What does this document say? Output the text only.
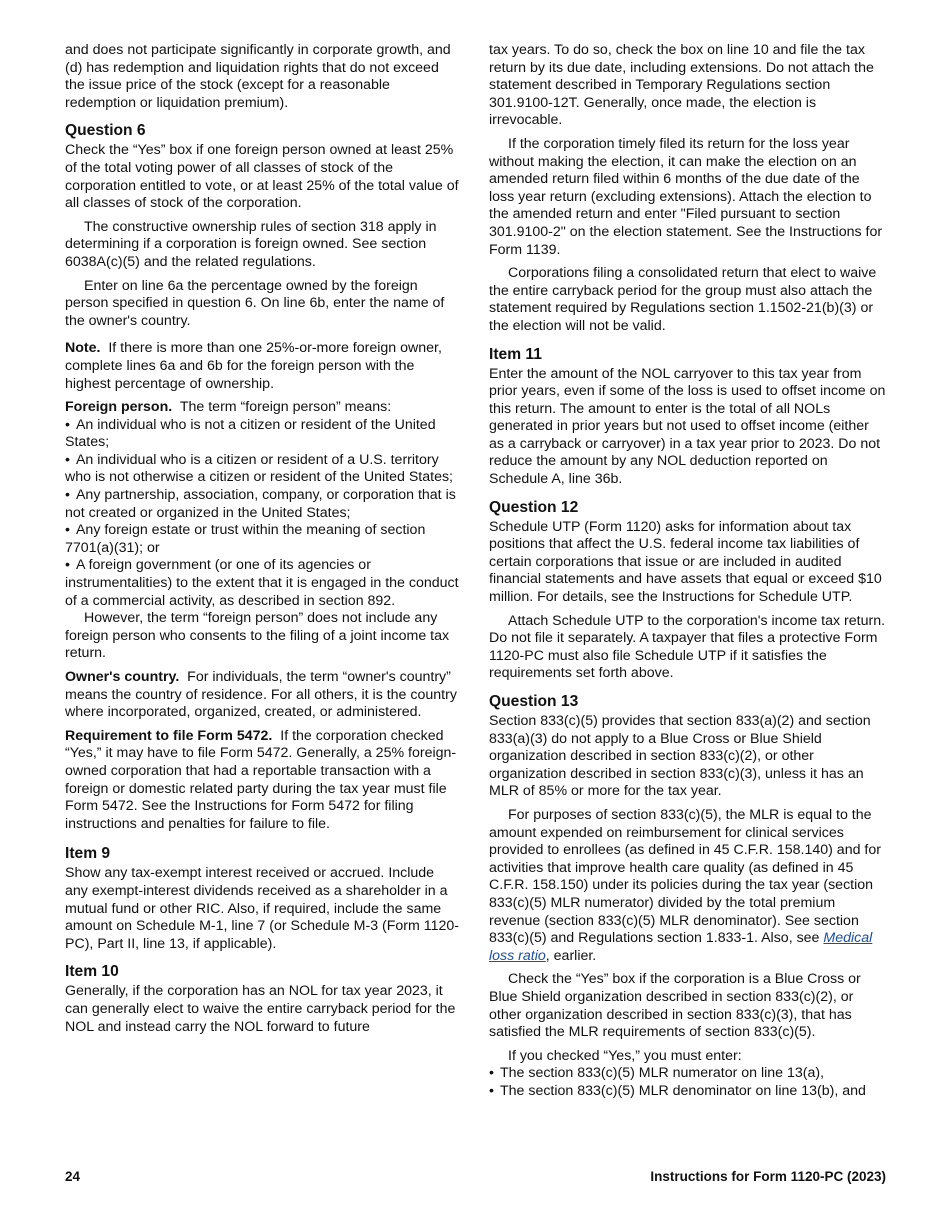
and does not participate significantly in corporate growth, and (d) has redemption and liquidation rights that do not exceed the issue price of the stock (except for a reasonable redemption or liquidation premium).

Question 6

Check the “Yes” box if one foreign person owned at least 25% of the total voting power of all classes of stock of the corporation entitled to vote, or at least 25% of the total value of all classes of stock of the corporation.

The constructive ownership rules of section 318 apply in determining if a corporation is foreign owned. See section 6038A(c)(5) and the related regulations.

Enter on line 6a the percentage owned by the foreign person specified in question 6. On line 6b, enter the name of the owner's country.

Note. If there is more than one 25%-or-more foreign owner, complete lines 6a and 6b for the foreign person with the highest percentage of ownership.

Foreign person. The term “foreign person” means:

• An individual who is not a citizen or resident of the United States;
• An individual who is a citizen or resident of a U.S. territory who is not otherwise a citizen or resident of the United States;
• Any partnership, association, company, or corporation that is not created or organized in the United States;
• Any foreign estate or trust within the meaning of section 7701(a)(31); or
• A foreign government (or one of its agencies or instrumentalities) to the extent that it is engaged in the conduct of a commercial activity, as described in section 892.

However, the term “foreign person” does not include any foreign person who consents to the filing of a joint income tax return.

Owner's country. For individuals, the term “owner's country” means the country of residence. For all others, it is the country where incorporated, organized, created, or administered.

Requirement to file Form 5472. If the corporation checked “Yes,” it may have to file Form 5472. Generally, a 25% foreign-owned corporation that had a reportable transaction with a foreign or domestic related party during the tax year must file Form 5472. See the Instructions for Form 5472 for filing instructions and penalties for failure to file.

Item 9

Show any tax-exempt interest received or accrued. Include any exempt-interest dividends received as a shareholder in a mutual fund or other RIC. Also, if required, include the same amount on Schedule M-1, line 7 (or Schedule M-3 (Form 1120-PC), Part II, line 13, if applicable).

Item 10

Generally, if the corporation has an NOL for tax year 2023, it can generally elect to waive the entire carryback period for the NOL and instead carry the NOL forward to future

tax years. To do so, check the box on line 10 and file the tax return by its due date, including extensions. Do not attach the statement described in Temporary Regulations section 301.9100-12T. Generally, once made, the election is irrevocable.

If the corporation timely filed its return for the loss year without making the election, it can make the election on an amended return filed within 6 months of the due date of the loss year return (excluding extensions). Attach the election to the amended return and enter "Filed pursuant to section 301.9100-2" on the election statement. See the Instructions for Form 1139.

Corporations filing a consolidated return that elect to waive the entire carryback period for the group must also attach the statement required by Regulations section 1.1502-21(b)(3) or the election will not be valid.

Item 11

Enter the amount of the NOL carryover to this tax year from prior years, even if some of the loss is used to offset income on this return. The amount to enter is the total of all NOLs generated in prior years but not used to offset income (either as a carryback or carryover) in a tax year prior to 2023. Do not reduce the amount by any NOL deduction reported on Schedule A, line 36b.

Question 12

Schedule UTP (Form 1120) asks for information about tax positions that affect the U.S. federal income tax liabilities of certain corporations that issue or are included in audited financial statements and have assets that equal or exceed $10 million. For details, see the Instructions for Schedule UTP.

Attach Schedule UTP to the corporation's income tax return. Do not file it separately. A taxpayer that files a protective Form 1120-PC must also file Schedule UTP if it satisfies the requirements set forth above.

Question 13

Section 833(c)(5) provides that section 833(a)(2) and section 833(a)(3) do not apply to a Blue Cross or Blue Shield organization described in section 833(c)(2), or other organization described in section 833(c)(3), unless it has an MLR of 85% or more for the tax year.

For purposes of section 833(c)(5), the MLR is equal to the amount expended on reimbursement for clinical services provided to enrollees (as defined in 45 C.F.R. 158.140) and for activities that improve health care quality (as defined in 45 C.F.R. 158.150) under its policies during the tax year (section 833(c)(5) MLR numerator) divided by the total premium revenue (section 833(c)(5) MLR denominator). See section 833(c)(5) and Regulations section 1.833-1. Also, see Medical loss ratio, earlier.

Check the “Yes” box if the corporation is a Blue Cross or Blue Shield organization described in section 833(c)(2), or other organization described in section 833(c)(3), that has satisfied the MLR requirements of section 833(c)(5).

If you checked “Yes,” you must enter:

• The section 833(c)(5) MLR numerator on line 13(a),
• The section 833(c)(5) MLR denominator on line 13(b), and
24	Instructions for Form 1120-PC (2023)
